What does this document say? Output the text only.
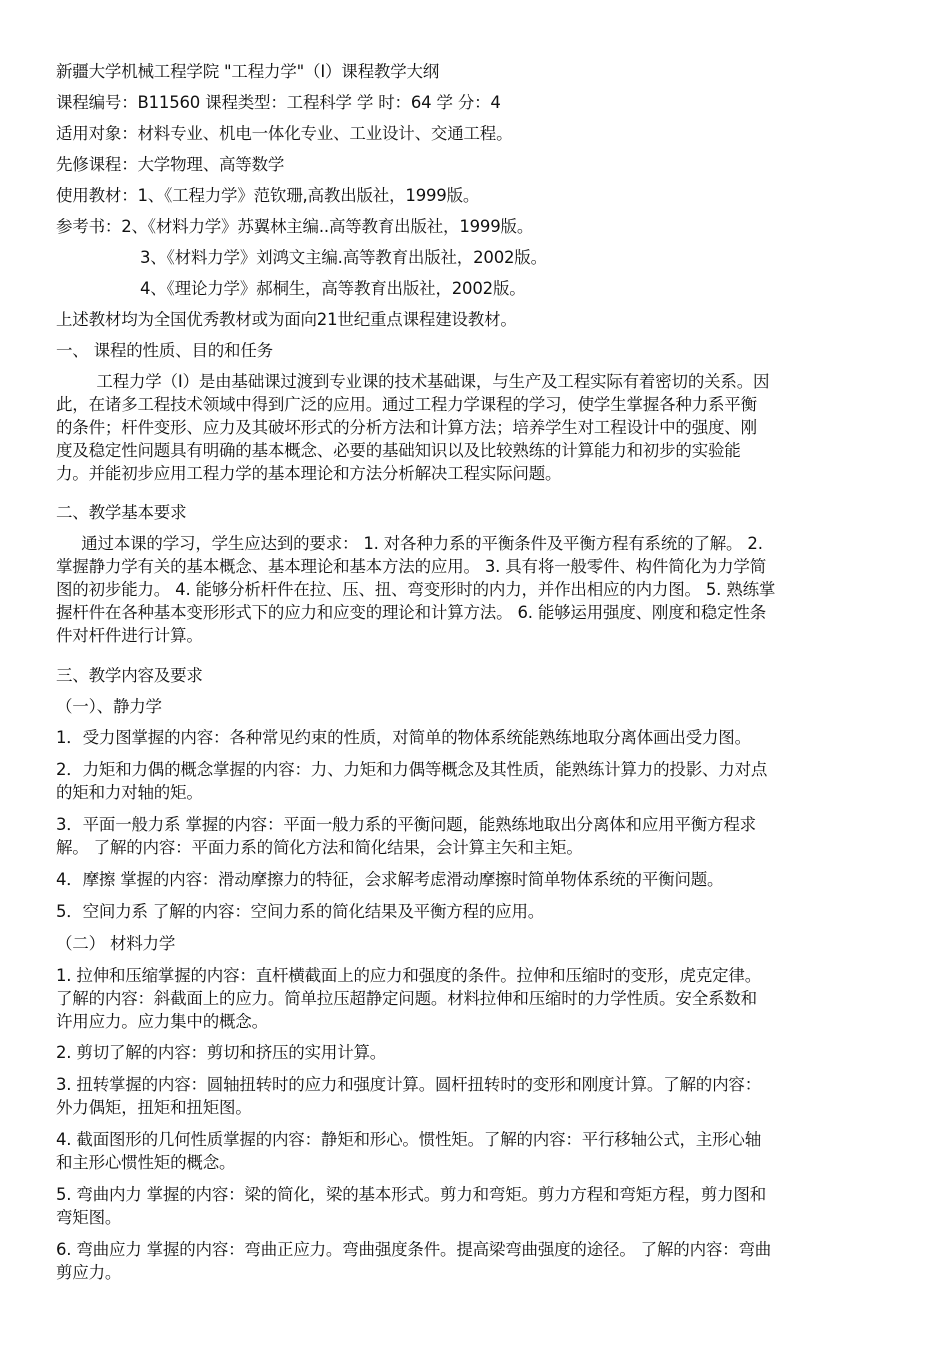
新疆大学机械工程学院 "工程力学"（I）课程教学大纲
课程编号：B11560 课程类型：工程科学 学 时：64 学 分：4
适用对象：材料专业、机电一体化专业、工业设计、交通工程。
先修课程：大学物理、高等数学
使用教材：1、《工程力学》范钦珊,高教出版社，1999版。
参考书：2、《材料力学》苏翼林主编..高等教育出版社，1999版。
3、《材料力学》刘鸿文主编.高等教育出版社，2002版。
4、《理论力学》郝桐生，高等教育出版社，2002版。
上述教材均为全国优秀教材或为面向21世纪重点课程建设教材。
一、 课程的性质、目的和任务
工程力学（I）是由基础课过渡到专业课的技术基础课，与生产及工程实际有着密切的关系。因
此，在诸多工程技术领域中得到广泛的应用。通过工程力学课程的学习，使学生掌握各种力系平衡
的条件；杆件变形、应力及其破坏形式的分析方法和计算方法；培养学生对工程设计中的强度、刚
度及稳定性问题具有明确的基本概念、必要的基础知识以及比较熟练的计算能力和初步的实验能
力。并能初步应用工程力学的基本理论和方法分析解决工程实际问题。
二、教学基本要求
通过本课的学习，学生应达到的要求： 1. 对各种力系的平衡条件及平衡方程有系统的了解。 2.
掌握静力学有关的基本概念、基本理论和基本方法的应用。 3. 具有将一般零件、构件简化为力学简
图的初步能力。 4. 能够分析杆件在拉、压、扭、弯变形时的内力，并作出相应的内力图。 5. 熟练掌
握杆件在各种基本变形形式下的应力和应变的理论和计算方法。 6. 能够运用强度、刚度和稳定性条
件对杆件进行计算。
三、教学内容及要求
（一）、静力学
1．受力图掌握的内容：各种常见约束的性质，对简单的物体系统能熟练地取分离体画出受力图。
2．力矩和力偶的概念掌握的内容：力、力矩和力偶等概念及其性质，能熟练计算力的投影、力对点
的矩和力对轴的矩。
3．平面一般力系 掌握的内容：平面一般力系的平衡问题，能熟练地取出分离体和应用平衡方程求
解。 了解的内容：平面力系的简化方法和简化结果，会计算主矢和主矩。
4．摩擦 掌握的内容：滑动摩擦力的特征，会求解考虑滑动摩擦时简单物体系统的平衡问题。
5．空间力系 了解的内容：空间力系的简化结果及平衡方程的应用。
（二） 材料力学
1. 拉伸和压缩掌握的内容：直杆横截面上的应力和强度的条件。拉伸和压缩时的变形，虎克定律。
了解的内容：斜截面上的应力。简单拉压超静定问题。材料拉伸和压缩时的力学性质。安全系数和
许用应力。应力集中的概念。
2. 剪切了解的内容：剪切和挤压的实用计算。
3. 扭转掌握的内容：圆轴扭转时的应力和强度计算。圆杆扭转时的变形和刚度计算。了解的内容：
外力偶矩，扭矩和扭矩图。
4. 截面图形的几何性质掌握的内容：静矩和形心。惯性矩。了解的内容：平行移轴公式，主形心轴
和主形心惯性矩的概念。
5. 弯曲内力 掌握的内容：梁的简化，梁的基本形式。剪力和弯矩。剪力方程和弯矩方程，剪力图和
弯矩图。
6. 弯曲应力 掌握的内容：弯曲正应力。弯曲强度条件。提高梁弯曲强度的途径。 了解的内容：弯曲
剪应力。
